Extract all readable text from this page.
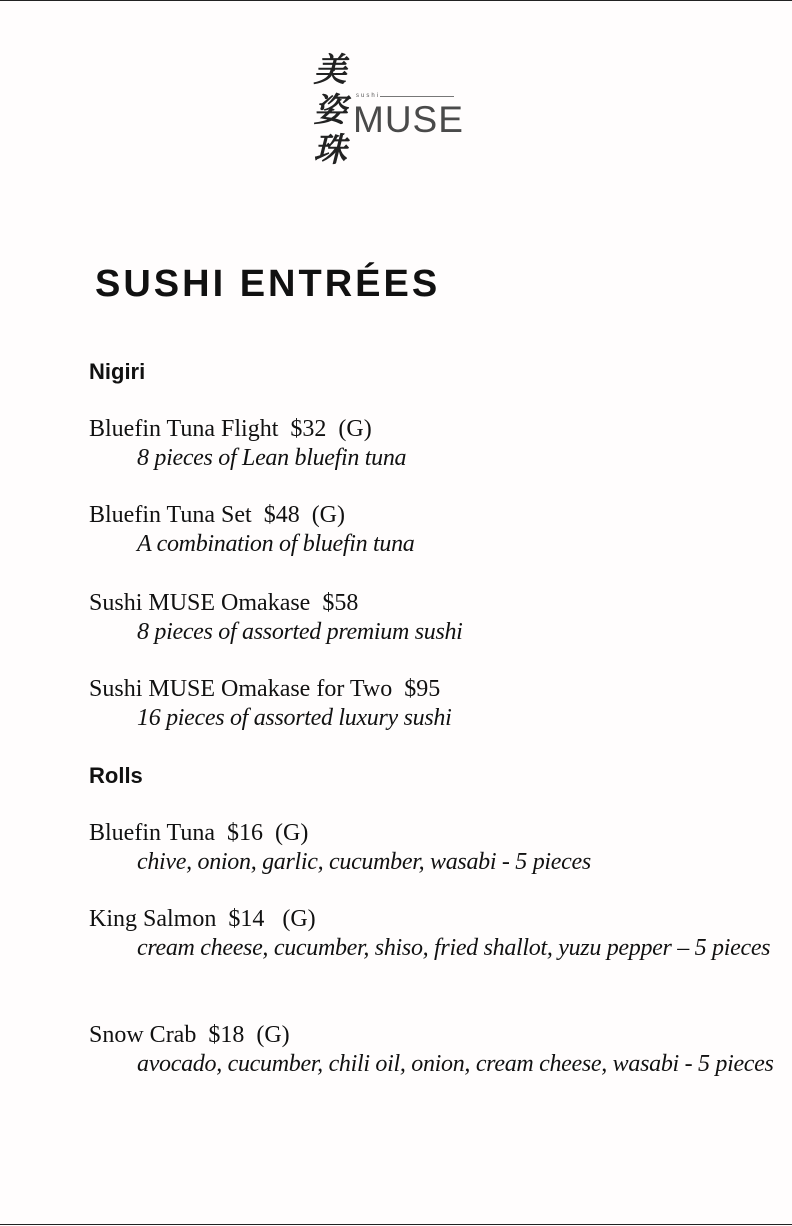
美
姿
珠
sushi
MUSE
SUSHI ENTRÉES
Nigiri
Bluefin Tuna Flight  $32  (G)
8 pieces of Lean bluefin tuna
Bluefin Tuna Set  $48  (G)
A combination of bluefin tuna
Sushi MUSE Omakase  $58
8 pieces of assorted premium sushi
Sushi MUSE Omakase for Two  $95
16 pieces of assorted luxury sushi
Rolls
Bluefin Tuna  $16  (G)
chive, onion, garlic, cucumber, wasabi - 5 pieces
King Salmon  $14   (G)
cream cheese, cucumber, shiso, fried shallot, yuzu pepper – 5 pieces
Snow Crab  $18  (G)
avocado, cucumber, chili oil, onion, cream cheese, wasabi - 5 pieces
